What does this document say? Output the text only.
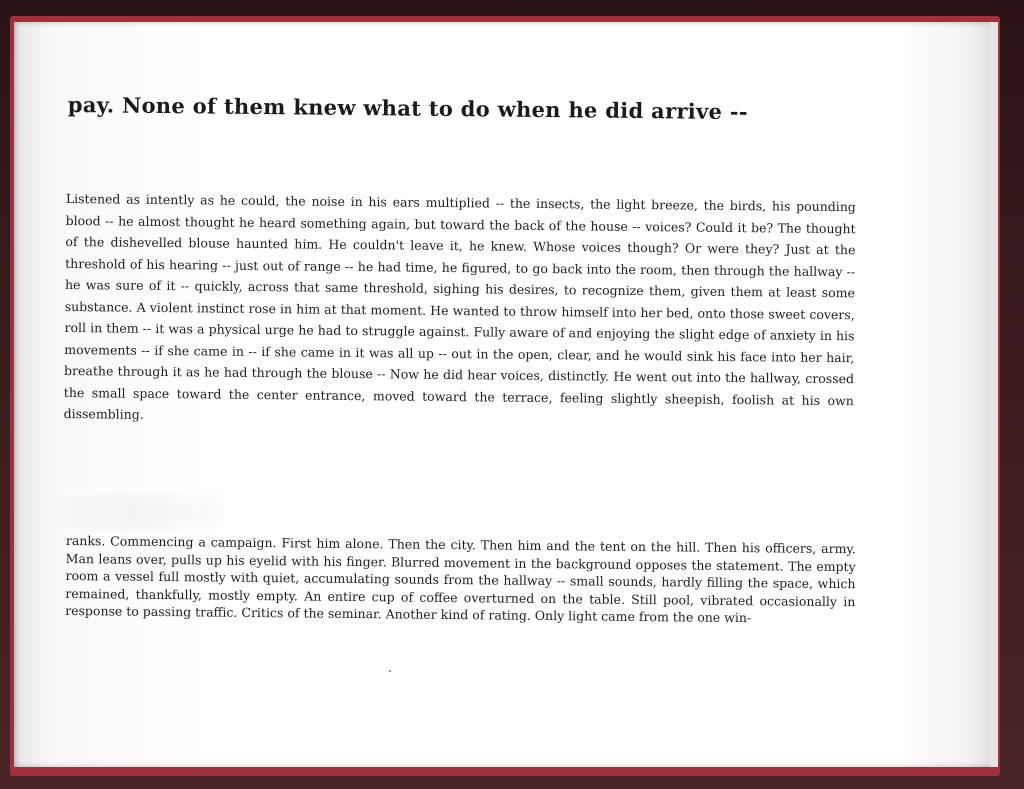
pay. None of them knew what to do when he did arrive --

Listened as intently as he could, the noise in his ears multiplied -- the insects, the light breeze, the birds, his pounding blood -- he almost thought he heard something again, but toward the back of the house -- voices? Could it be? The thought of the dishevelled blouse haunted him. He couldn't leave it, he knew. Whose voices though? Or were they? Just at the threshold of his hearing -- just out of range -- he had time, he figured, to go back into the room, then through the hallway -- he was sure of it -- quickly, across that same threshold, sighing his desires, to recognize them, given them at least some substance. A violent instinct rose in him at that moment. He wanted to throw himself into her bed, onto those sweet covers, roll in them -- it was a physical urge he had to struggle against. Fully aware of and enjoying the slight edge of anxiety in his movements -- if she came in -- if she came in it was all up -- out in the open, clear, and he would sink his face into her hair, breathe through it as he had through the blouse -- Now he did hear voices, distinctly. He went out into the hallway, crossed the small space toward the center entrance, moved toward the terrace, feeling slightly sheepish, foolish at his own dissembling.

ranks. Commencing a campaign. First him alone. Then the city. Then him and the tent on the hill. Then his officers, army. Man leans over, pulls up his eyelid with his finger. Blurred movement in the background opposes the statement. The empty room a vessel full mostly with quiet, accumulating sounds from the hallway -- small sounds, hardly filling the space, which remained, thankfully, mostly empty. An entire cup of coffee overturned on the table. Still pool, vibrated occasionally in response to passing traffic. Critics of the seminar. Another kind of rating. Only light came from the one win-
